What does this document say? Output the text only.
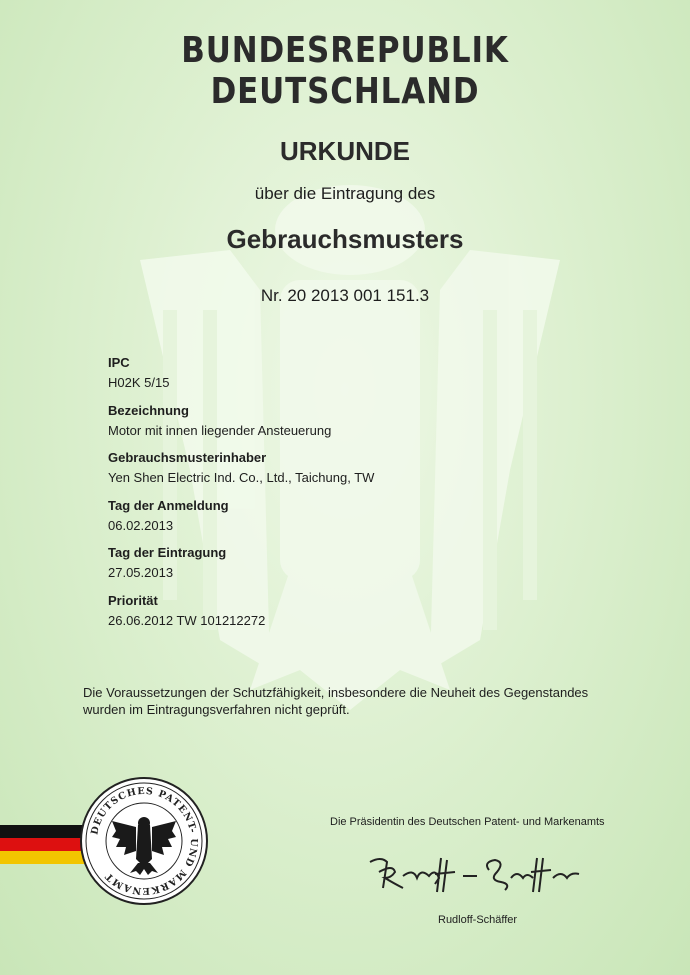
BUNDESREPUBLIK DEUTSCHLAND
URKUNDE
über die Eintragung des
Gebrauchsmusters
Nr. 20 2013 001 151.3
IPC
H02K 5/15
Bezeichnung
Motor mit innen liegender Ansteuerung
Gebrauchsmusterinhaber
Yen Shen Electric Ind. Co., Ltd., Taichung, TW
Tag der Anmeldung
06.02.2013
Tag der Eintragung
27.05.2013
Priorität
26.06.2012 TW 101212272
Die Voraussetzungen der Schutzfähigkeit, insbesondere die Neuheit des Gegenstandes
wurden im Eintragungsverfahren nicht geprüft.
DEUTSCHES PATENT- UND MARKENAMT
Die Präsidentin des Deutschen Patent- und Markenamts
Rudloff-Schäffer
